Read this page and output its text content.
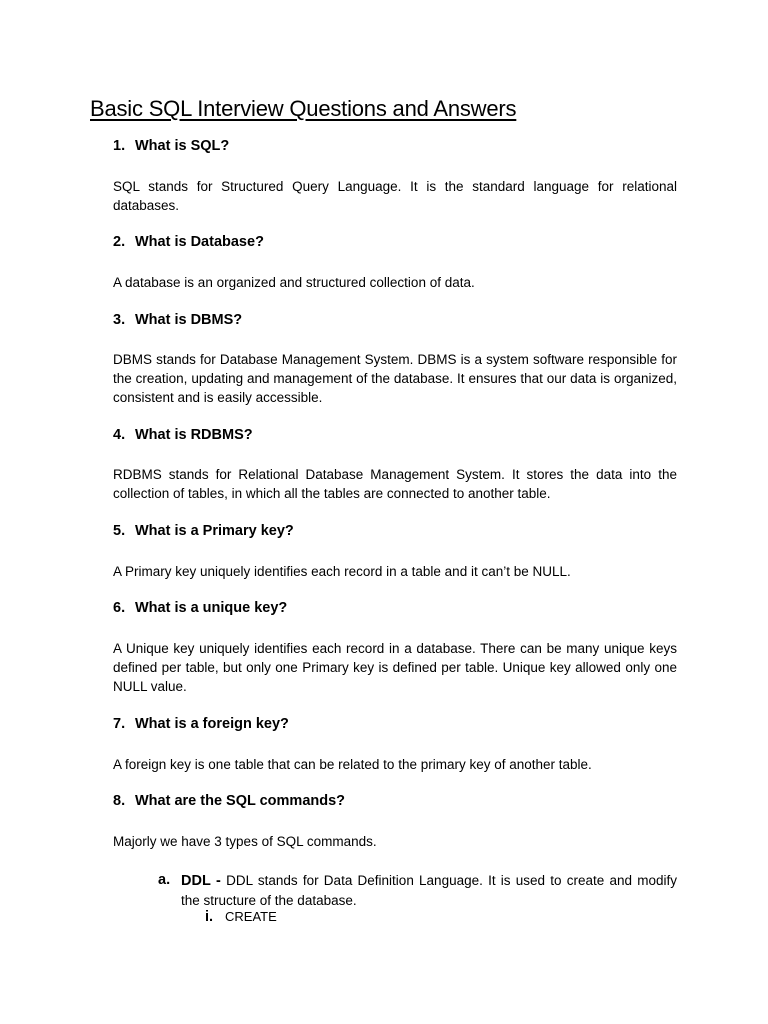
Basic SQL Interview Questions and Answers

1. What is SQL?

SQL stands for Structured Query Language. It is the standard language for relational databases.

2. What is Database?

A database is an organized and structured collection of data.

3. What is DBMS?

DBMS stands for Database Management System. DBMS is a system software responsible for the creation, updating and management of the database. It ensures that our data is organized, consistent and is easily accessible.

4. What is RDBMS?

RDBMS stands for Relational Database Management System. It stores the data into the collection of tables, in which all the tables are connected to another table.

5. What is a Primary key?

A Primary key uniquely identifies each record in a table and it can’t be NULL.

6. What is a unique key?

A Unique key uniquely identifies each record in a database. There can be many unique keys defined per table, but only one Primary key is defined per table. Unique key allowed only one NULL value.

7. What is a foreign key?

A foreign key is one table that can be related to the primary key of another table.

8. What are the SQL commands?

Majorly we have 3 types of SQL commands.

a. DDL - DDL stands for Data Definition Language. It is used to create and modify the structure of the database.

i. CREATE
